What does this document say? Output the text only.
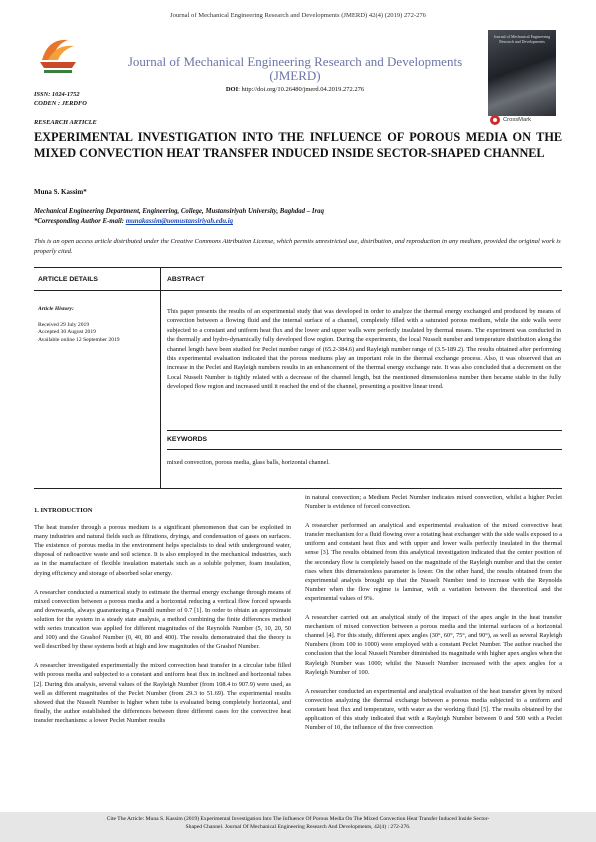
Journal of Mechanical Engineering Research and Developments (JMERD) 42(4) (2019) 272-276
Journal of Mechanical Engineering Research and Developments (JMERD)
DOI: http://doi.org/10.26480/jmerd.04.2019.272.276
ISSN: 1024-1752
CODEN : JERDFO
Journal of Mechanical Engineering Research and Developments
CrossMark
RESEARCH ARTICLE
EXPERIMENTAL INVESTIGATION INTO THE INFLUENCE OF POROUS MEDIA ON THE MIXED CONVECTION HEAT TRANSFER INDUCED INSIDE SECTOR-SHAPED CHANNEL
Muna S. Kassim*
Mechanical Engineering Department, Engineering, College, Mustansiriyah University, Baghdad – Iraq
*Corresponding Author E-mail: munakassim@uomustansiriyah.edu.iq
This is an open access article distributed under the Creative Commons Attribution License, which permits unrestricted use, distribution, and reproduction in any medium, provided the original work is properly cited.
ARTICLE DETAILS	ABSTRACT
Article History:
Received 29 July 2019
Accepted 30 August 2019
Available online 12 September 2019
This paper presents the results of an experimental study that was developed in order to analyze the thermal energy exchanged and produced by means of convection between a flowing fluid and the internal surface of a channel, completely filled with a saturated porous medium, while the side walls were subjected to a constant and uniform heat flux and the lower and upper walls were perfectly insulated by thermal means. The experiment was conducted in the thermally and hydro-dynamically fully developed flow region. During the experiments, the local Nusselt number and temperature distribution along the channel length have been studied for Peclet number range of (65.2-384.6) and Rayleigh number range of (3.5-189.2). The results obtained after performing this experimental evaluation indicated that the porous mediums play an important role in the thermal exchange process. Also, it was observed that an increase in the Peclet and Rayleigh numbers results in an enhancement of the thermal energy exchange rate. It was also concluded that a decrement on the Local Nusselt Number is tightly related with a decrease of the channel length, but the mentioned dimensionless number then became stable in the fully developed flow region and increased until it reached the end of the channel, presenting a positive linear trend.
KEYWORDS
mixed convection, porous media, glass balls, horizontal channel.
1. INTRODUCTION

The heat transfer through a porous medium is a significant phenomenon that can be exploited in many industries and natural fields such as filtrations, dryings, and condensation of gases on surfaces. The existence of porous media in the environment helps specialists to deal with underground water, disposal of radioactive waste and soil science. It is also employed in the mechanical industries, such as in the manufacture of flexible insulation materials such as a soluble polymer, foam insulation, drying efficiency and storage of absorbed solar energy.

A researcher conducted a numerical study to estimate the thermal energy exchange through means of mixed convection between a porous media and a horizontal reducing a vertical flow forced upwards and downwards, always guaranteeing a Prandtl number of 0.7 [1]. In order to obtain an approximate solution for the system in a steady state analysis, a method combining the finite differences method with series truncation was applied for different magnitudes of the Reynolds Number (5, 10, 20, 50 and 100) and the Grashof Number (0, 40, 80 and 400). The results demonstrated that the theory is well described by these systems both at high and low magnitudes of the Grashof Number.

A researcher investigated experimentally the mixed convection heat transfer in a circular tube filled with porous media and subjected to a constant and uniform heat flux in inclined and horizontal tubes [2]. During this analysis, several values of the Rayleigh Number (from 108.4 to 907.9) were used, as well as different magnitudes of the Peclet Number (from 29.3 to 51.69). The experimental results showed that the Nusselt Number is higher when tube is evaluated being completely horizontal, and finally, the author established the differences between three different cases for the convective heat transfer mechanisms: a lower Peclet Number results

in natural convection; a Medium Peclet Number indicates mixed convection, whilst a higher Peclet Number is evidence of forced convection.

A researcher performed an analytical and experimental evaluation of the mixed convective heat transfer mechanism for a fluid flowing over a rotating heat exchanger with the side walls exposed to a uniform and constant heat flux and with upper and lower walls perfectly insulated in the thermal sense [3]. The results obtained from this analytical investigation indicated that the center position of the secondary flow is completely based on the magnitude of the Rayleigh number and that the center rises when this dimensionless parameter is lower. On the other hand, the results obtained from the experimental analysis brought up that the Nusselt Number tend to increase with the Reynolds Number when the flow regime is laminar, with a variation between the theoretical and the experimental values of 9%.

A researcher carried out an analytical study of the impact of the apex angle in the heat transfer mechanism of mixed convection between a porous media and the internal surfaces of a horizontal channel [4]. For this study, different apex angles (30°, 60°, 75°, and 90°), as well as several Rayleigh Numbers (from 100 to 1000) were employed with a constant Peclet Number. The author reached the conclusion that the local Nusselt Number diminished its magnitude with higher apex angles when the Rayleigh Number was 1000; whilst the Nusselt Number increased with the apex angles for a Rayleigh Number of 100.

A researcher conducted an experimental and analytical evaluation of the heat transfer given by mixed convection analyzing the thermal exchange between a porous media subjected to a uniform and constant heat flux and temperature, with water as the working fluid [5]. The results obtained by the application of this study indicated that with a Rayleigh Number between 0 and 500 with a Peclet Number of 10, the influence of the free convection

Cite The Article: Muna S. Kassim (2019) Experimental Investigation Into The Influence Of Porous Media On The Mixed Convection Heat Transfer Induced Inside Sector-
Shaped Channel. Journal Of Mechanical Engineering Research And Developments, 42(4) : 272-276.
